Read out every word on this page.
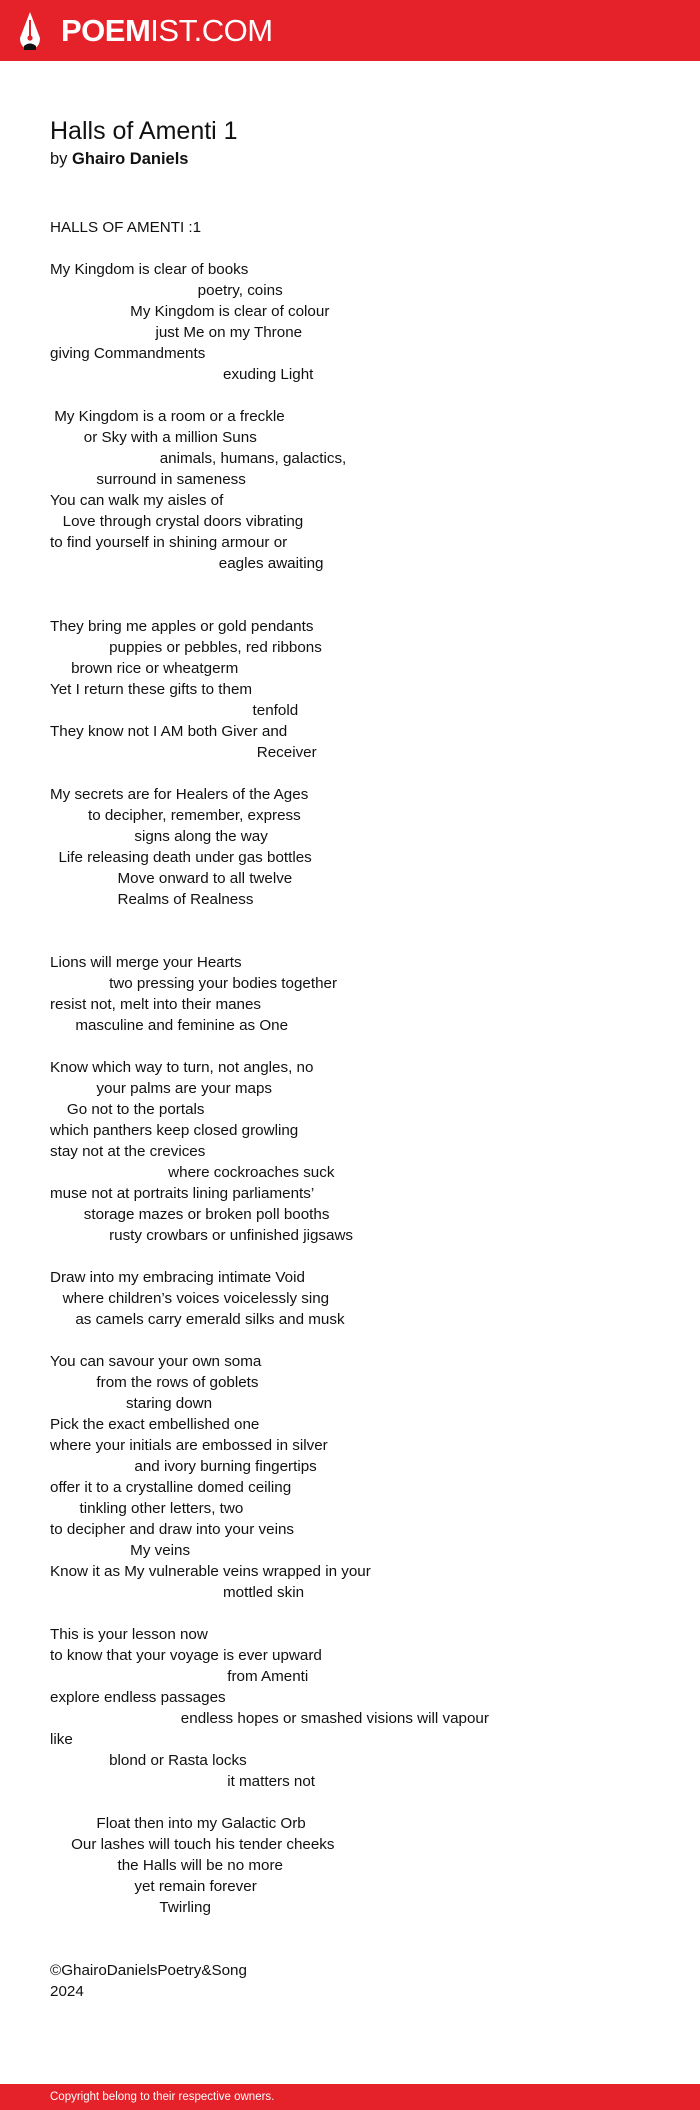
POEMIST.COM
Halls of Amenti 1
by Ghairo Daniels
HALLS OF AMENTI :1
My Kingdom is clear of books
poetry, coins
My Kingdom is clear of colour
just Me on my Throne
giving Commandments
exuding Light
My Kingdom is a room or a freckle
or Sky with a million Suns
animals, humans, galactics,
surround in sameness
You can walk my aisles of
Love through crystal doors vibrating
to find yourself in shining armour or
eagles awaiting
They bring me apples or gold pendants
puppies or pebbles, red ribbons
brown rice or wheatgerm
Yet I return these gifts to them
tenfold
They know not I AM both Giver and
Receiver
My secrets are for Healers of the Ages
to decipher, remember, express
signs along the way
Life releasing death under gas bottles
Move onward to all twelve
Realms of Realness
Lions will merge your Hearts
two pressing your bodies together
resist not, melt into their manes
masculine and feminine as One
Know which way to turn, not angles, no
your palms are your maps
Go not to the portals
which panthers keep closed growling
stay not at the crevices
where cockroaches suck
muse not at portraits lining parliaments’
storage mazes or broken poll booths
rusty crowbars or unfinished jigsaws
Draw into my embracing intimate Void
where children’s voices voicelessly sing
as camels carry emerald silks and musk
You can savour your own soma
from the rows of goblets
staring down
Pick the exact embellished one
where your initials are embossed in silver
and ivory burning fingertips
offer it to a crystalline domed ceiling
tinkling other letters, two
to decipher and draw into your veins
My veins
Know it as My vulnerable veins wrapped in your
mottled skin
This is your lesson now
to know that your voyage is ever upward
from Amenti
explore endless passages
endless hopes or smashed visions will vapour
like
blond or Rasta locks
it matters not
Float then into my Galactic Orb
Our lashes will touch his tender cheeks
the Halls will be no more
yet remain forever
Twirling
©GhairoDanielsPoetry&Song
2024
Copyright belong to their respective owners.
